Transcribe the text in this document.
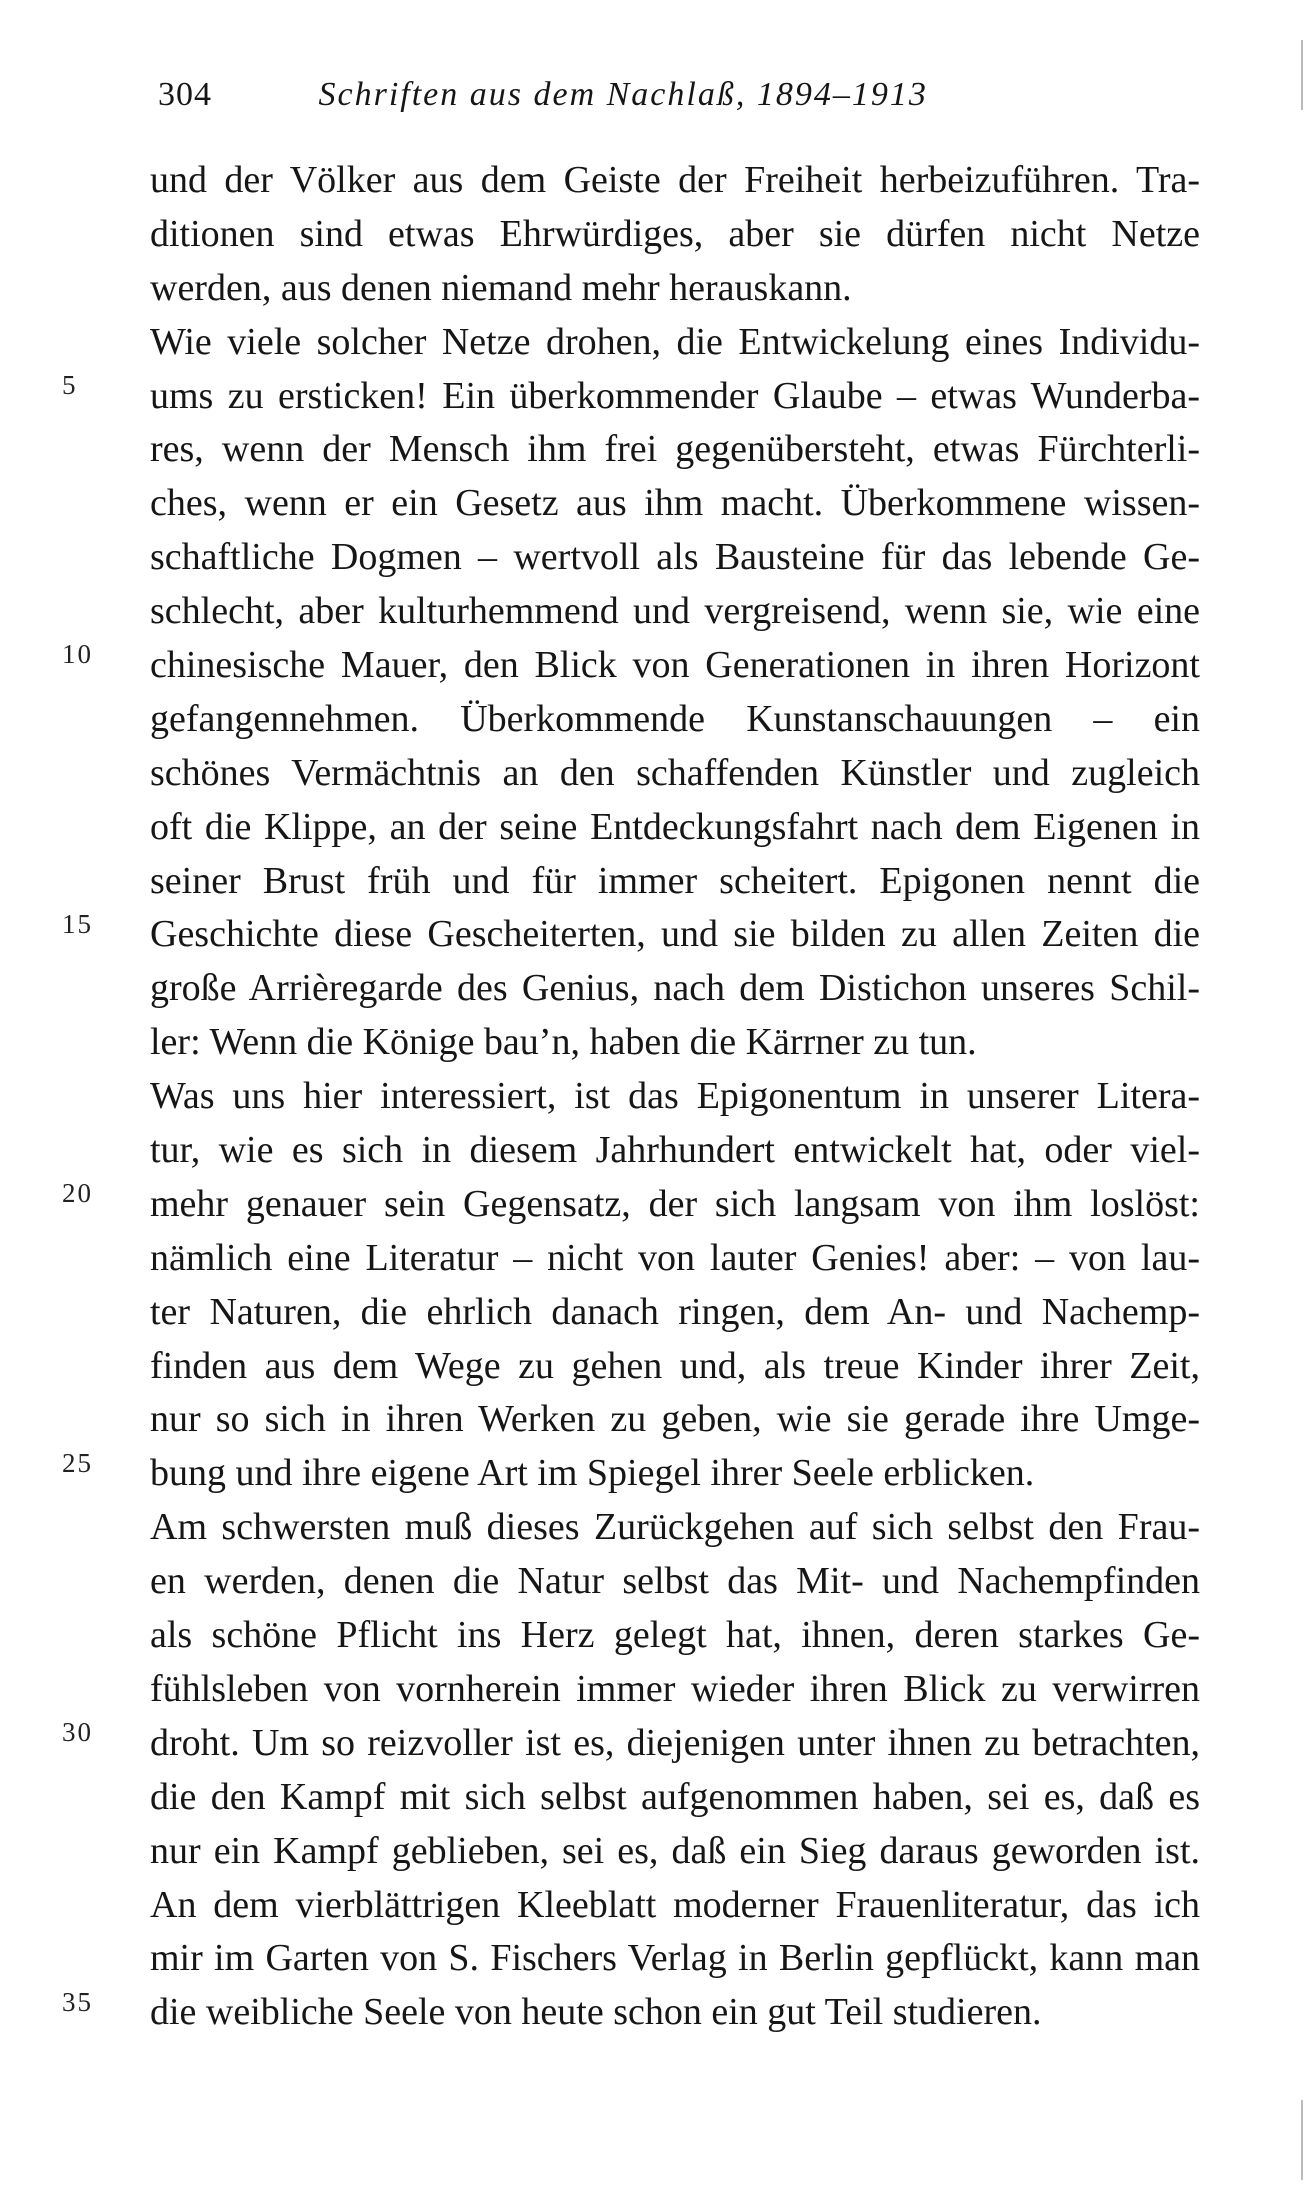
304	Schriften aus dem Nachlaß, 1894–1913
5
10
15
20
25
30
35
und der Völker aus dem Geiste der Freiheit herbeizuführen. Tra-
ditionen sind etwas Ehrwürdiges, aber sie dürfen nicht Netze
werden, aus denen niemand mehr herauskann.
Wie viele solcher Netze drohen, die Entwickelung eines Individu-
ums zu ersticken! Ein überkommender Glaube – etwas Wunderba-
res, wenn der Mensch ihm frei gegenübersteht, etwas Fürchterli-
ches, wenn er ein Gesetz aus ihm macht. Überkommene wissen-
schaftliche Dogmen – wertvoll als Bausteine für das lebende Ge-
schlecht, aber kulturhemmend und vergreisend, wenn sie, wie eine
chinesische Mauer, den Blick von Generationen in ihren Horizont
gefangennehmen. Überkommende Kunstanschauungen – ein
schönes Vermächtnis an den schaffenden Künstler und zugleich
oft die Klippe, an der seine Entdeckungsfahrt nach dem Eigenen in
seiner Brust früh und für immer scheitert. Epigonen nennt die
Geschichte diese Gescheiterten, und sie bilden zu allen Zeiten die
große Arrièregarde des Genius, nach dem Distichon unseres Schil-
ler: Wenn die Könige bau’n, haben die Kärrner zu tun.
Was uns hier interessiert, ist das Epigonentum in unserer Litera-
tur, wie es sich in diesem Jahrhundert entwickelt hat, oder viel-
mehr genauer sein Gegensatz, der sich langsam von ihm loslöst:
nämlich eine Literatur – nicht von lauter Genies! aber: – von lau-
ter Naturen, die ehrlich danach ringen, dem An- und Nachemp-
finden aus dem Wege zu gehen und, als treue Kinder ihrer Zeit,
nur so sich in ihren Werken zu geben, wie sie gerade ihre Umge-
bung und ihre eigene Art im Spiegel ihrer Seele erblicken.
Am schwersten muß dieses Zurückgehen auf sich selbst den Frau-
en werden, denen die Natur selbst das Mit- und Nachempfinden
als schöne Pflicht ins Herz gelegt hat, ihnen, deren starkes Ge-
fühlsleben von vornherein immer wieder ihren Blick zu verwirren
droht. Um so reizvoller ist es, diejenigen unter ihnen zu betrachten,
die den Kampf mit sich selbst aufgenommen haben, sei es, daß es
nur ein Kampf geblieben, sei es, daß ein Sieg daraus geworden ist.
An dem vierblättrigen Kleeblatt moderner Frauenliteratur, das ich
mir im Garten von S. Fischers Verlag in Berlin gepflückt, kann man
die weibliche Seele von heute schon ein gut Teil studieren.
